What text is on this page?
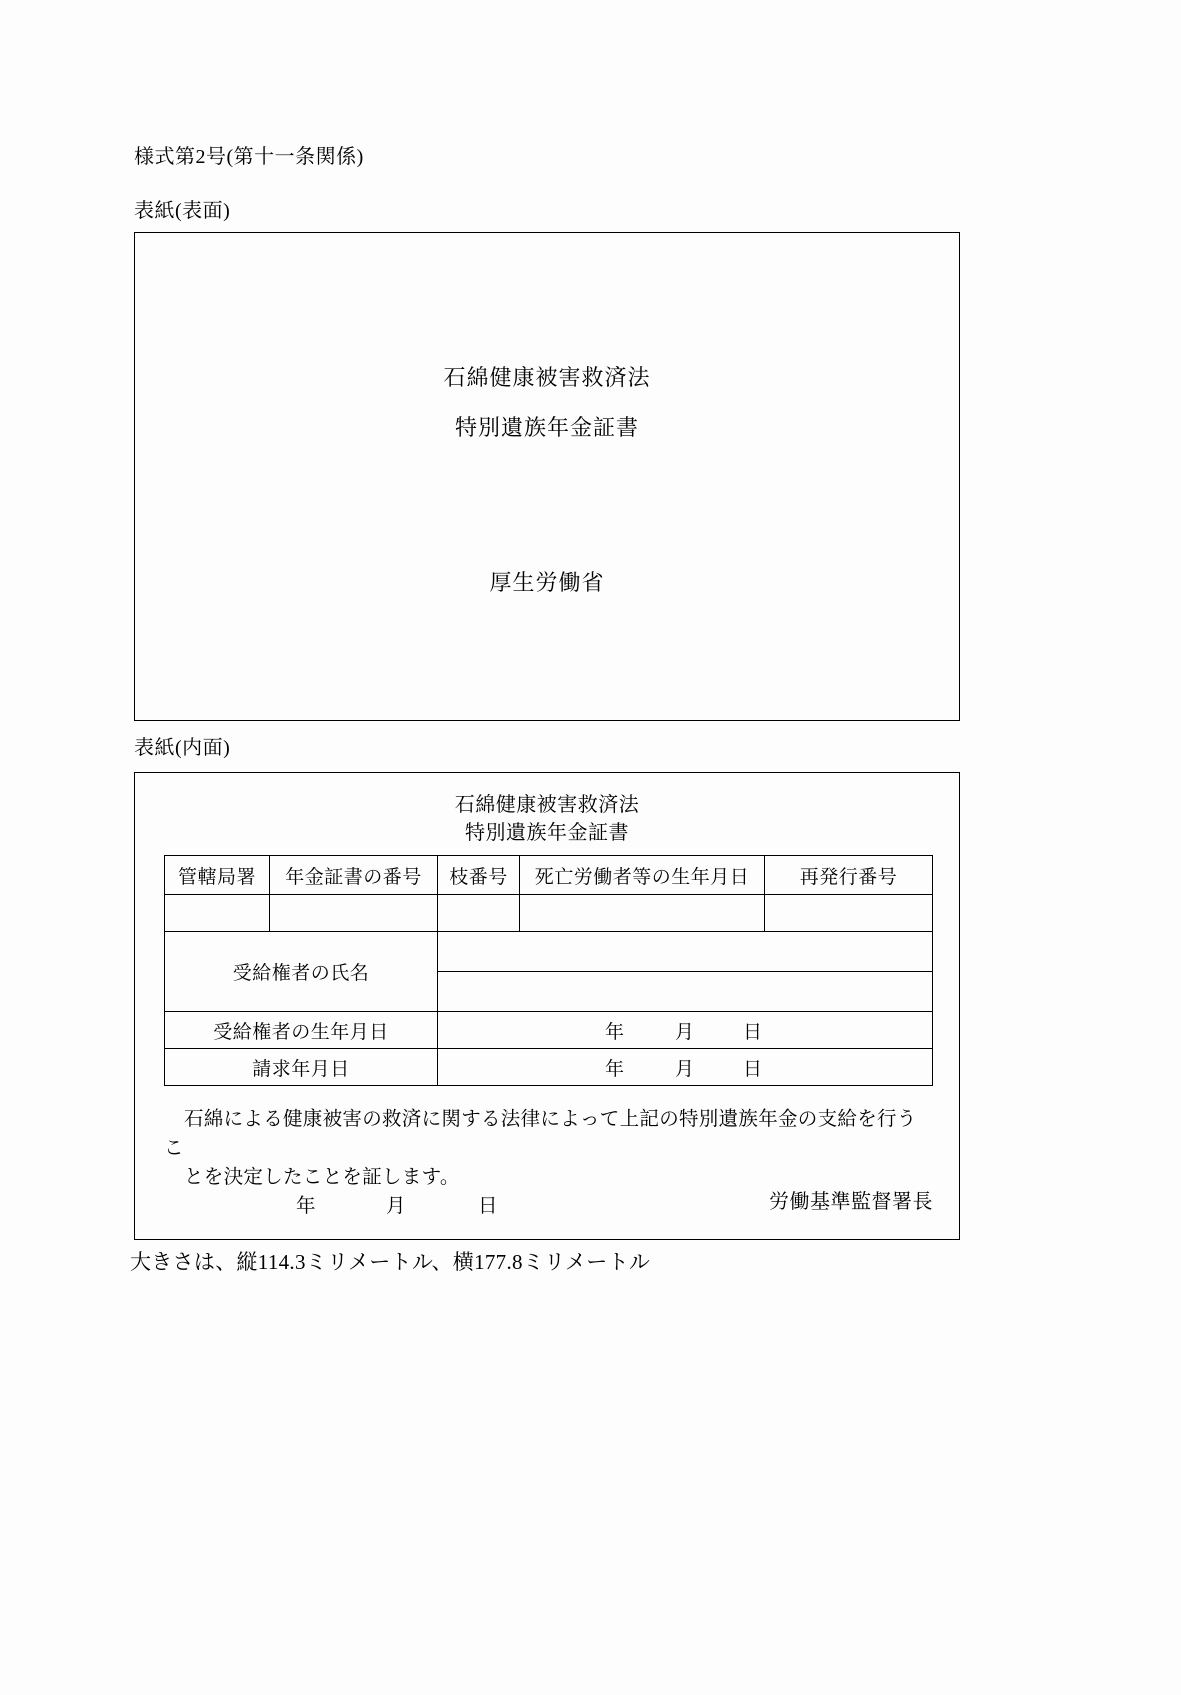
様式第2号(第十一条関係)
表紙(表面)
石綿健康被害救済法
特別遺族年金証書
厚生労働省
表紙(内面)
石綿健康被害救済法
特別遺族年金証書
管轄局署	年金証書の番号	枝番号	死亡労働者等の生年月日	再発行番号

受給権者の氏名				

受給権者の生年月日		年 月 日		
請求年月日		年 月 日		

石綿による健康被害の救済に関する法律によって上記の特別遺族年金の支給を行うこ

とを決定したことを証します。

年	月	日	労働基準監督署長
大きさは、縦114.3ミリメートル、横177.8ミリメートル
